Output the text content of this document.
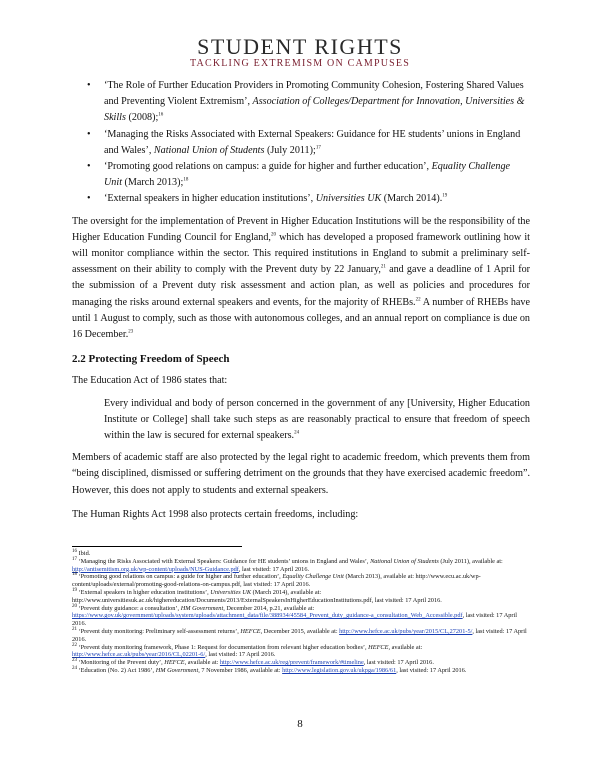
STUDENT RIGHTS
TACKLING EXTREMISM ON CAMPUSES
• ‘The Role of Further Education Providers in Promoting Community Cohesion, Fostering Shared Values and Preventing Violent Extremism’, Association of Colleges/Department for Innovation, Universities & Skills (2008);$^{16}$
• ‘Managing the Risks Associated with External Speakers: Guidance for HE students’ unions in England and Wales’, National Union of Students (July 2011);$^{17}$
• ‘Promoting good relations on campus: a guide for higher and further education’, Equality Challenge Unit (March 2013);$^{18}$
• ‘External speakers in higher education institutions’, Universities UK (March 2014).$^{19}$

The oversight for the implementation of Prevent in Higher Education Institutions will be the responsibility of the Higher Education Funding Council for England,$^{20}$ which has developed a proposed framework outlining how it will monitor compliance within the sector. This required institutions in England to submit a preliminary self-assessment on their ability to comply with the Prevent duty by 22 January,$^{21}$ and gave a deadline of 1 April for the submission of a Prevent duty risk assessment and action plan, as well as policies and procedures for managing the risks around external speakers and events, for the majority of RHEBs.$^{22}$ A number of RHEBs have until 1 August to comply, such as those with autonomous colleges, and an annual report on compliance is due on 16 December.$^{23}$

2.2 Protecting Freedom of Speech

The Education Act of 1986 states that:

Every individual and body of person concerned in the government of any [University, Higher Education Institute or College] shall take such steps as are reasonably practical to ensure that freedom of speech within the law is secured for external speakers.$^{24}$

Members of academic staff are also protected by the legal right to academic freedom, which prevents them from “being disciplined, dismissed or suffering detriment on the grounds that they have exercised academic freedom”. However, this does not apply to students and external speakers.

The Human Rights Act 1998 also protects certain freedoms, including:

$^{16}$ Ibid.

$^{17}$ ‘Managing the Risks Associated with External Speakers: Guidance for HE students’ unions in England and Wales’, National Union of Students (July 2011), available at: http://antisemitism.org.uk/wp-content/uploads/NUS-Guidance.pdf, last visited: 17 April 2016.

$^{18}$ ‘Promoting good relations on campus: a guide for higher and further education’, Equality Challenge Unit (March 2013), available at: http://www.ecu.ac.uk/wp-content/uploads/external/promoting-good-relations-on-campus.pdf, last visited: 17 April 2016.

$^{19}$ ‘External speakers in higher education institutions’, Universities UK (March 2014), available at: http://www.universitiesuk.ac.uk/highereducation/Documents/2013/ExternalSpeakersInHigherEducationInstitutions.pdf, last visited: 17 April 2016.

$^{20}$ ‘Prevent duty guidance: a consultation’, HM Government, December 2014, p.21, available at: https://www.gov.uk/government/uploads/system/uploads/attachment_data/file/388934/45584_Prevent_duty_guidance-a_consultation_Web_Accessible.pdf, last visited: 17 April 2016.

$^{21}$ ‘Prevent duty monitoring: Preliminary self-assessment returns’, HEFCE, December 2015, available at: http://www.hefce.ac.uk/pubs/year/2015/CL,27201-5/, last visited: 17 April 2016.

$^{22}$ ‘Prevent duty monitoring framework, Phase 1: Request for documentation from relevant higher education bodies’, HEFCE, available at: http://www.hefce.ac.uk/pubs/year/2016/CL,02201-6/, last visited: 17 April 2016.

$^{23}$ ‘Monitoring of the Prevent duty’, HEFCE, available at: http://www.hefce.ac.uk/reg/prevent/framework/#timeline, last visited: 17 April 2016.

$^{24}$ ‘Education (No. 2) Act 1986’, HM Government, 7 November 1986, available at: http://www.legislation.gov.uk/ukpga/1986/61, last visited: 17 April 2016.

8
